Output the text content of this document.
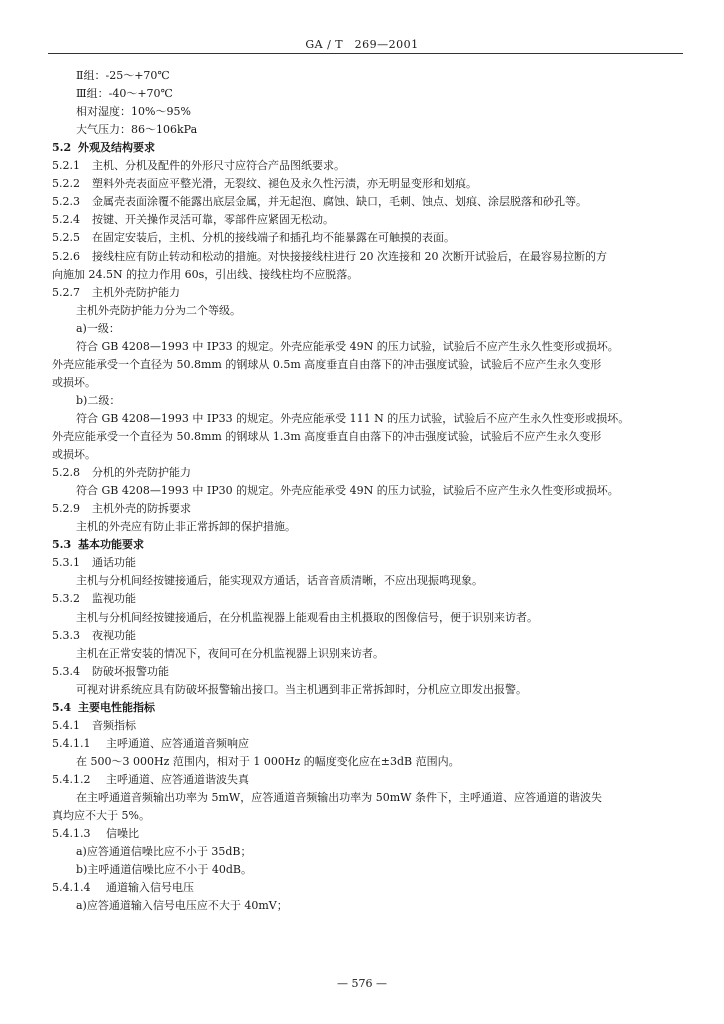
GA / T　269—2001
Ⅱ组：-25～+70℃
Ⅲ组：-40～+70℃
相对湿度：10%～95%
大气压力：86～106kPa
5.2 外观及结构要求
5.2.1 主机、分机及配件的外形尺寸应符合产品图纸要求。
5.2.2 塑料外壳表面应平整光滑，无裂纹、褪色及永久性污渍，亦无明显变形和划痕。
5.2.3 金属壳表面涂覆不能露出底层金属，并无起泡、腐蚀、缺口，毛刺、蚀点、划痕、涂层脱落和砂孔等。
5.2.4 按键、开关操作灵活可靠，零部件应紧固无松动。
5.2.5 在固定安装后，主机、分机的接线端子和插孔均不能暴露在可触摸的表面。
5.2.6 接线柱应有防止转动和松动的措施。对快接接线柱进行 20 次连接和 20 次断开试验后，在最容易拉断的方
向施加 24.5N 的拉力作用 60s，引出线、接线柱均不应脱落。
5.2.7 主机外壳防护能力
主机外壳防护能力分为二个等级。
a)一级：
符合 GB 4208—1993 中 IP33 的规定。外壳应能承受 49N 的压力试验，试验后不应产生永久性变形或损坏。
外壳应能承受一个直径为 50.8mm 的钢球从 0.5m 高度垂直自由落下的冲击强度试验，试验后不应产生永久变形
或损坏。
b)二级：
符合 GB 4208—1993 中 IP33 的规定。外壳应能承受 111 N 的压力试验，试验后不应产生永久性变形或损坏。
外壳应能承受一个直径为 50.8mm 的钢球从 1.3m 高度垂直自由落下的冲击强度试验，试验后不应产生永久变形
或损坏。
5.2.8 分机的外壳防护能力
符合 GB 4208—1993 中 IP30 的规定。外壳应能承受 49N 的压力试验，试验后不应产生永久性变形或损坏。
5.2.9 主机外壳的防拆要求
主机的外壳应有防止非正常拆卸的保护措施。
5.3 基本功能要求
5.3.1 通话功能
主机与分机间经按键接通后，能实现双方通话，话音音质清晰，不应出现振鸣现象。
5.3.2 监视功能
主机与分机间经按键接通后，在分机监视器上能观看由主机摄取的图像信号，便于识别来访者。
5.3.3 夜视功能
主机在正常安装的情况下，夜间可在分机监视器上识别来访者。
5.3.4 防破坏报警功能
可视对讲系统应具有防破坏报警输出接口。当主机遇到非正常拆卸时，分机应立即发出报警。
5.4 主要电性能指标
5.4.1 音频指标
5.4.1.1 主呼通道、应答通道音频响应
在 500～3 000Hz 范围内，相对于 1 000Hz 的幅度变化应在±3dB 范围内。
5.4.1.2 主呼通道、应答通道谐波失真
在主呼通道音频输出功率为 5mW，应答通道音频输出功率为 50mW 条件下，主呼通道、应答通道的谐波失
真均应不大于 5%。
5.4.1.3 信噪比
a)应答通道信噪比应不小于 35dB；
b)主呼通道信噪比应不小于 40dB。
5.4.1.4 通道输入信号电压
a)应答通道输入信号电压应不大于 40mV；
— 576 —
